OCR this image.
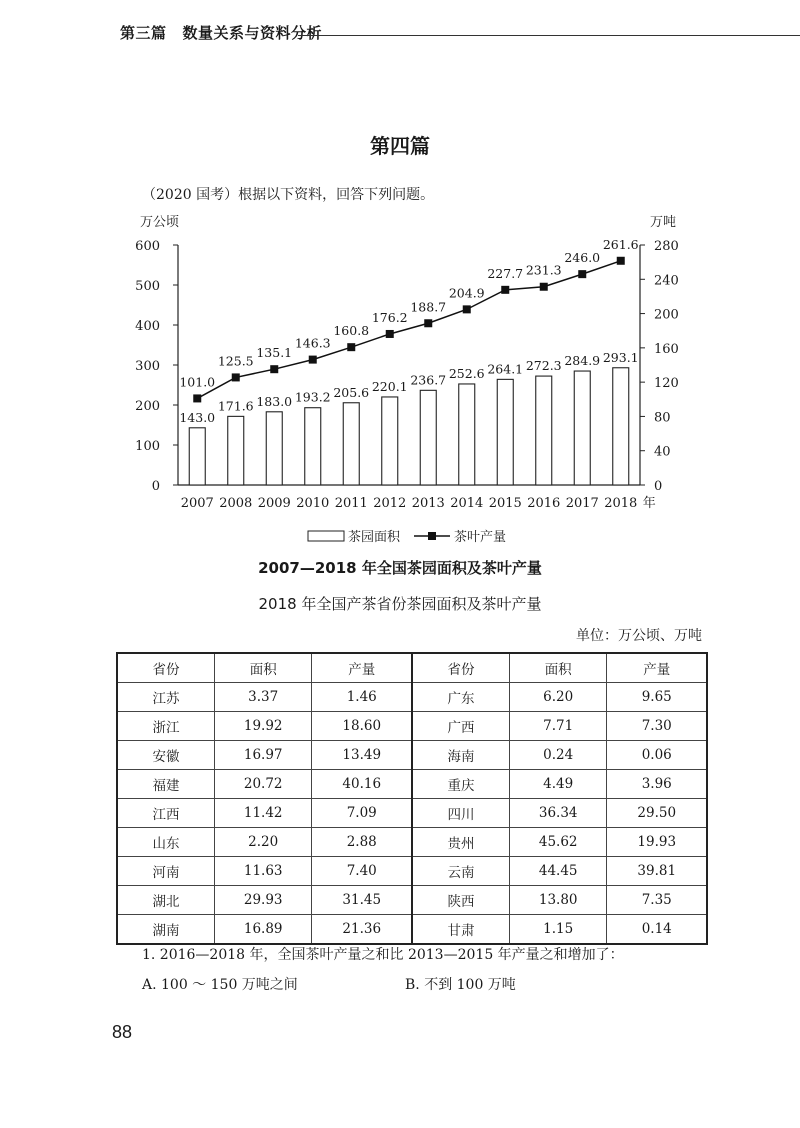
第三篇 数量关系与资料分析
第四篇
（2020 国考）根据以下资料，回答下列问题。
0
100
200
300
400
500
600
0
40
80
120
160
200
240
280
万公顷	万吨
143.0
171.6 183.0 193.2 205.6 220.1 236.7 252.6 264.1 272.3 284.9 293.1
101.0
125.5
135.1
146.3
160.8
176.2
188.7
204.9
227.7 231.3
246.0
261.6
2007 2008 2009 2010 2011 2012 2013 2014 2015 2016 2017 2018 年
茶园面积	茶叶产量
2007—2018 年全国茶园面积及茶叶产量
2018 年全国产茶省份茶园面积及茶叶产量
单位：万公顷、万吨
省份	面积	产量	省份	面积	产量
江苏	3.37	1.46	广东	6.20	9.65
浙江	19.92	18.60	广西	7.71	7.30
安徽	16.97	13.49	海南	0.24	0.06
福建	20.72	40.16	重庆	4.49	3.96
江西	11.42	7.09	四川	36.34	29.50
山东	2.20	2.88	贵州	45.62	19.93
河南	11.63	7.40	云南	44.45	39.81
湖北	29.93	31.45	陕西	13.80	7.35
湖南	16.89	21.36	甘肃	1.15	0.14
1. 2016—2018 年，全国茶叶产量之和比 2013—2015 年产量之和增加了：
A. 100 ～ 150 万吨之间	B. 不到 100 万吨
88
